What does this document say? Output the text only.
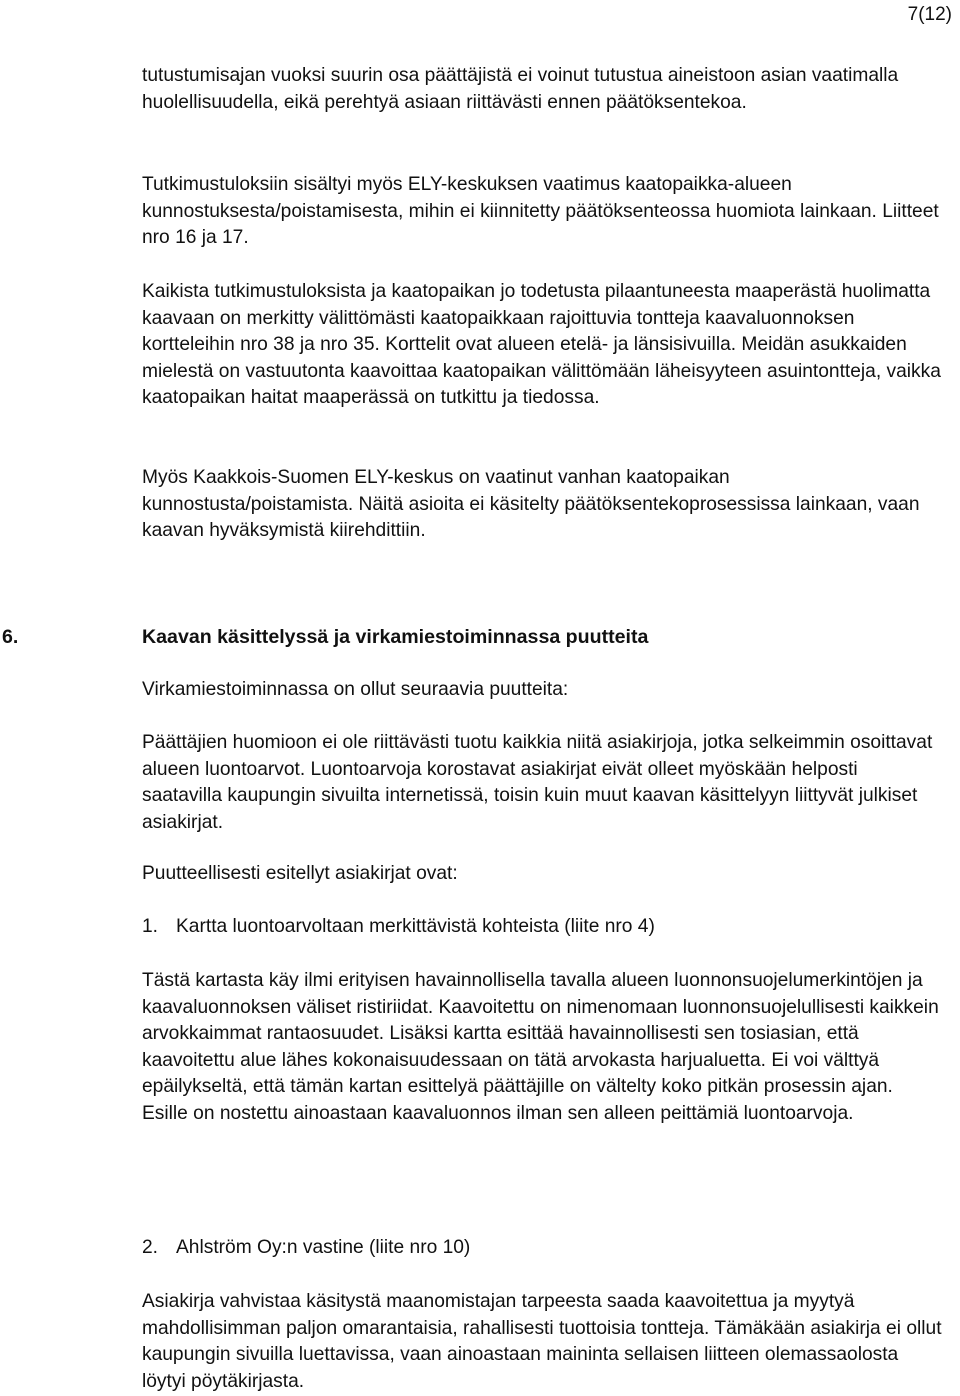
7(12)

tutustumisajan vuoksi suurin osa päättäjistä ei voinut tutustua aineistoon asian vaatimalla huolellisuudella, eikä perehtyä asiaan riittävästi ennen päätöksentekoa.

Tutkimustuloksiin sisältyi myös ELY-keskuksen vaatimus kaatopaikka-alueen kunnostuksesta/poistamisesta, mihin ei kiinnitetty päätöksenteossa huomiota lainkaan. Liitteet nro 16 ja 17.

Kaikista tutkimustuloksista ja kaatopaikan jo todetusta pilaantuneesta maaperästä huolimatta kaavaan on merkitty välittömästi kaatopaikkaan rajoittuvia tontteja kaavaluonnoksen kortteleihin nro 38 ja nro 35. Korttelit ovat alueen etelä- ja länsisivuilla. Meidän asukkaiden mielestä on vastuutonta kaavoittaa kaatopaikan välittömään läheisyyteen asuintontteja, vaikka kaatopaikan haitat maaperässä on tutkittu ja tiedossa.

Myös Kaakkois-Suomen ELY-keskus on vaatinut vanhan kaatopaikan kunnostusta/poistamista. Näitä asioita ei käsitelty päätöksentekoprosessissa lainkaan, vaan kaavan hyväksymistä kiirehdittiin.

6.	Kaavan käsittelyssä ja virkamiestoiminnassa puutteita

Virkamiestoiminnassa on ollut seuraavia puutteita:

Päättäjien huomioon ei ole riittävästi tuotu kaikkia niitä asiakirjoja, jotka selkeimmin osoittavat alueen luontoarvot. Luontoarvoja korostavat asiakirjat eivät olleet myöskään helposti saatavilla kaupungin sivuilta internetissä, toisin kuin muut kaavan käsittelyyn liittyvät julkiset asiakirjat.

Puutteellisesti esitellyt asiakirjat ovat:

1. Kartta luontoarvoltaan merkittävistä kohteista (liite nro 4)

Tästä kartasta käy ilmi erityisen havainnollisella tavalla alueen luonnonsuojelumerkintöjen ja kaavaluonnoksen väliset ristiriidat. Kaavoitettu on nimenomaan luonnonsuojelullisesti kaikkein arvokkaimmat rantaosuudet. Lisäksi kartta esittää havainnollisesti sen tosiasian, että kaavoitettu alue lähes kokonaisuudessaan on tätä arvokasta harjualuetta. Ei voi välttyä epäilykseltä, että tämän kartan esittelyä päättäjille on vältelty koko pitkän prosessin ajan. Esille on nostettu ainoastaan kaavaluonnos ilman sen alleen peittämiä luontoarvoja.

2. Ahlström Oy:n vastine (liite nro 10)

Asiakirja vahvistaa käsitystä maanomistajan tarpeesta saada kaavoitettua ja myytyä mahdollisimman paljon omarantaisia, rahallisesti tuottoisia tontteja. Tämäkään asiakirja ei ollut kaupungin sivuilla luettavissa, vaan ainoastaan maininta sellaisen liitteen olemassaolosta löytyi pöytäkirjasta.
